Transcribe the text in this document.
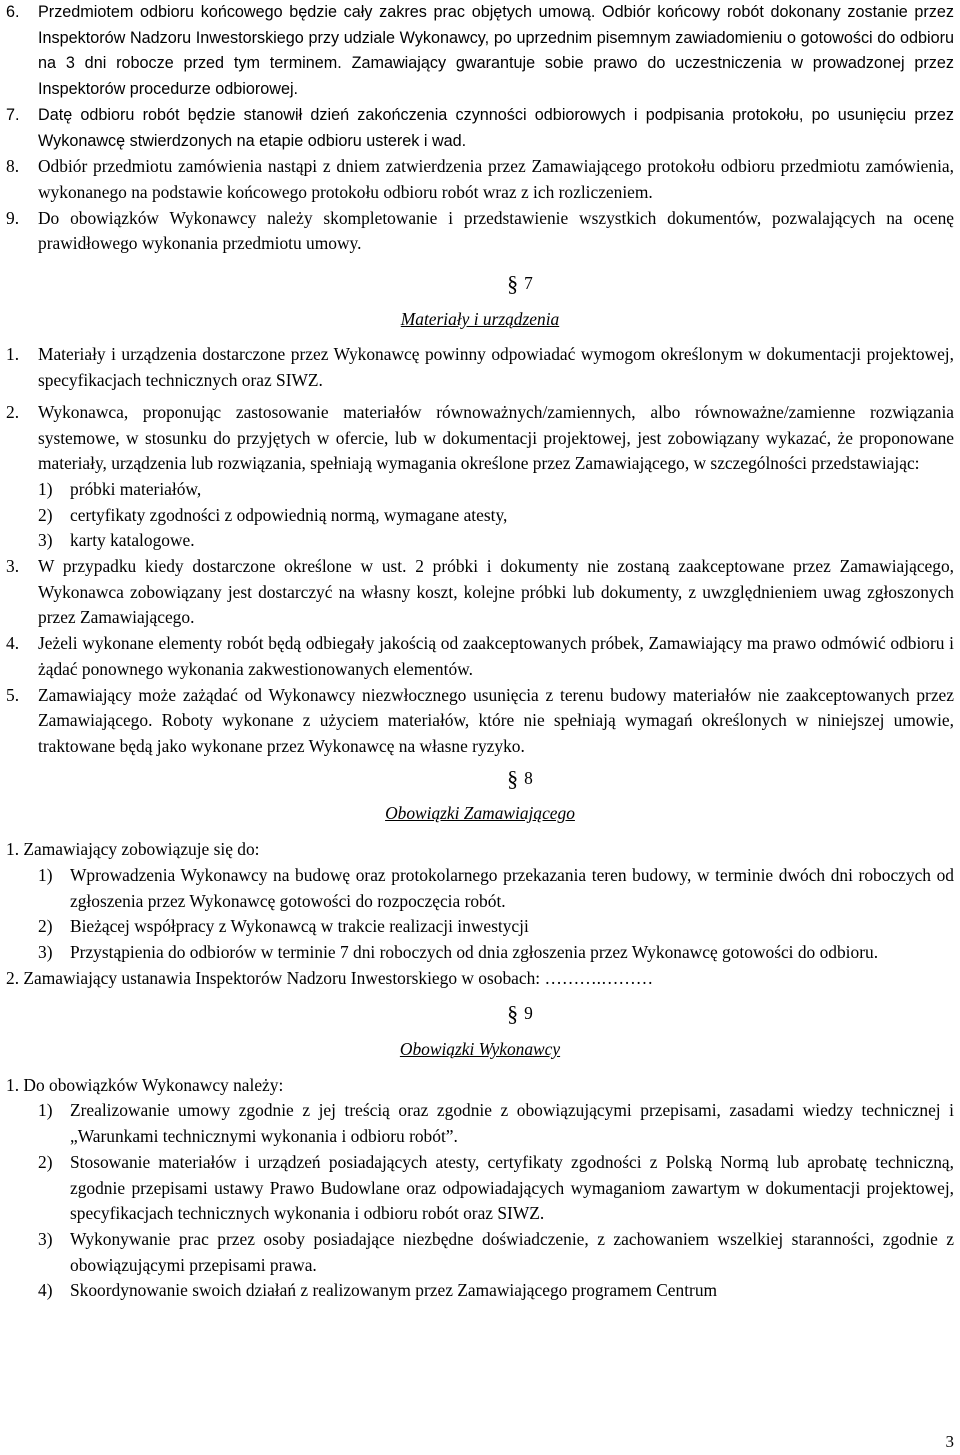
6.	Przedmiotem odbioru końcowego będzie cały zakres prac objętych umową. Odbiór końcowy robót dokonany zostanie przez Inspektorów Nadzoru Inwestorskiego przy udziale Wykonawcy, po uprzednim pisemnym zawiadomieniu o gotowości do odbioru na 3 dni robocze przed tym terminem. Zamawiający gwarantuje sobie prawo do uczestniczenia w prowadzonej przez Inspektorów procedurze odbiorowej.
7.	Datę odbioru robót będzie stanowił dzień zakończenia czynności odbiorowych i podpisania protokołu, po usunięciu przez Wykonawcę stwierdzonych na etapie odbioru usterek i wad.
8.	Odbiór przedmiotu zamówienia nastąpi z dniem zatwierdzenia przez Zamawiającego protokołu odbioru przedmiotu zamówienia, wykonanego na podstawie końcowego protokołu odbioru robót wraz z ich rozliczeniem.
9.	Do obowiązków Wykonawcy należy skompletowanie i przedstawienie wszystkich dokumentów, pozwalających na ocenę prawidłowego wykonania przedmiotu umowy.
§ 7
Materiały i urządzenia
1.	Materiały i urządzenia dostarczone przez Wykonawcę powinny odpowiadać wymogom określonym w dokumentacji projektowej, specyfikacjach technicznych oraz SIWZ.
2.	Wykonawca, proponując zastosowanie materiałów równoważnych/zamiennych, albo równoważne/zamienne rozwiązania systemowe, w stosunku do przyjętych w ofercie, lub w dokumentacji projektowej, jest zobowiązany wykazać, że proponowane materiały, urządzenia lub rozwiązania, spełniają wymagania określone przez Zamawiającego, w szczególności przedstawiając:
1)	próbki materiałów,
2)	certyfikaty zgodności z odpowiednią normą, wymagane atesty,
3)	karty katalogowe.
3.	W przypadku kiedy dostarczone określone w ust. 2 próbki i dokumenty nie zostaną zaakceptowane przez Zamawiającego, Wykonawca zobowiązany jest dostarczyć na własny koszt, kolejne próbki lub dokumenty, z uwzględnieniem uwag zgłoszonych przez Zamawiającego.
4.	Jeżeli wykonane elementy robót będą odbiegały jakością od zaakceptowanych próbek, Zamawiający ma prawo odmówić odbioru i żądać ponownego wykonania zakwestionowanych elementów.
5.	Zamawiający może zażądać od Wykonawcy niezwłocznego usunięcia z terenu budowy materiałów nie zaakceptowanych przez Zamawiającego. Roboty wykonane z użyciem materiałów, które nie spełniają wymagań określonych w niniejszej umowie, traktowane będą jako wykonane przez Wykonawcę na własne ryzyko.
§ 8
Obowiązki Zamawiającego
1. Zamawiający zobowiązuje się do:
1)	Wprowadzenia Wykonawcy na budowę oraz protokolarnego przekazania teren budowy, w terminie dwóch dni roboczych od zgłoszenia przez Wykonawcę gotowości do rozpoczęcia robót.
2)	Bieżącej współpracy z Wykonawcą w trakcie realizacji inwestycji
3)	Przystąpienia do odbiorów w terminie 7 dni roboczych od dnia zgłoszenia przez Wykonawcę gotowości do odbioru.
2. Zamawiający ustanawia Inspektorów Nadzoru Inwestorskiego w osobach: ……….………
§ 9
Obowiązki Wykonawcy
1. Do obowiązków Wykonawcy należy:
1)	Zrealizowanie umowy zgodnie z jej treścią oraz zgodnie z obowiązującymi przepisami, zasadami wiedzy technicznej i „Warunkami technicznymi wykonania i odbioru robót”.
2)	Stosowanie materiałów i urządzeń posiadających atesty, certyfikaty zgodności z Polską Normą lub aprobatę techniczną, zgodnie przepisami ustawy Prawo Budowlane oraz odpowiadających wymaganiom zawartym w dokumentacji projektowej, specyfikacjach technicznych wykonania i odbioru robót oraz SIWZ.
3)	Wykonywanie prac przez osoby posiadające niezbędne doświadczenie, z zachowaniem wszelkiej staranności, zgodnie z obowiązującymi przepisami prawa.
4)	Skoordynowanie swoich działań z realizowanym przez Zamawiającego programem Centrum
3
